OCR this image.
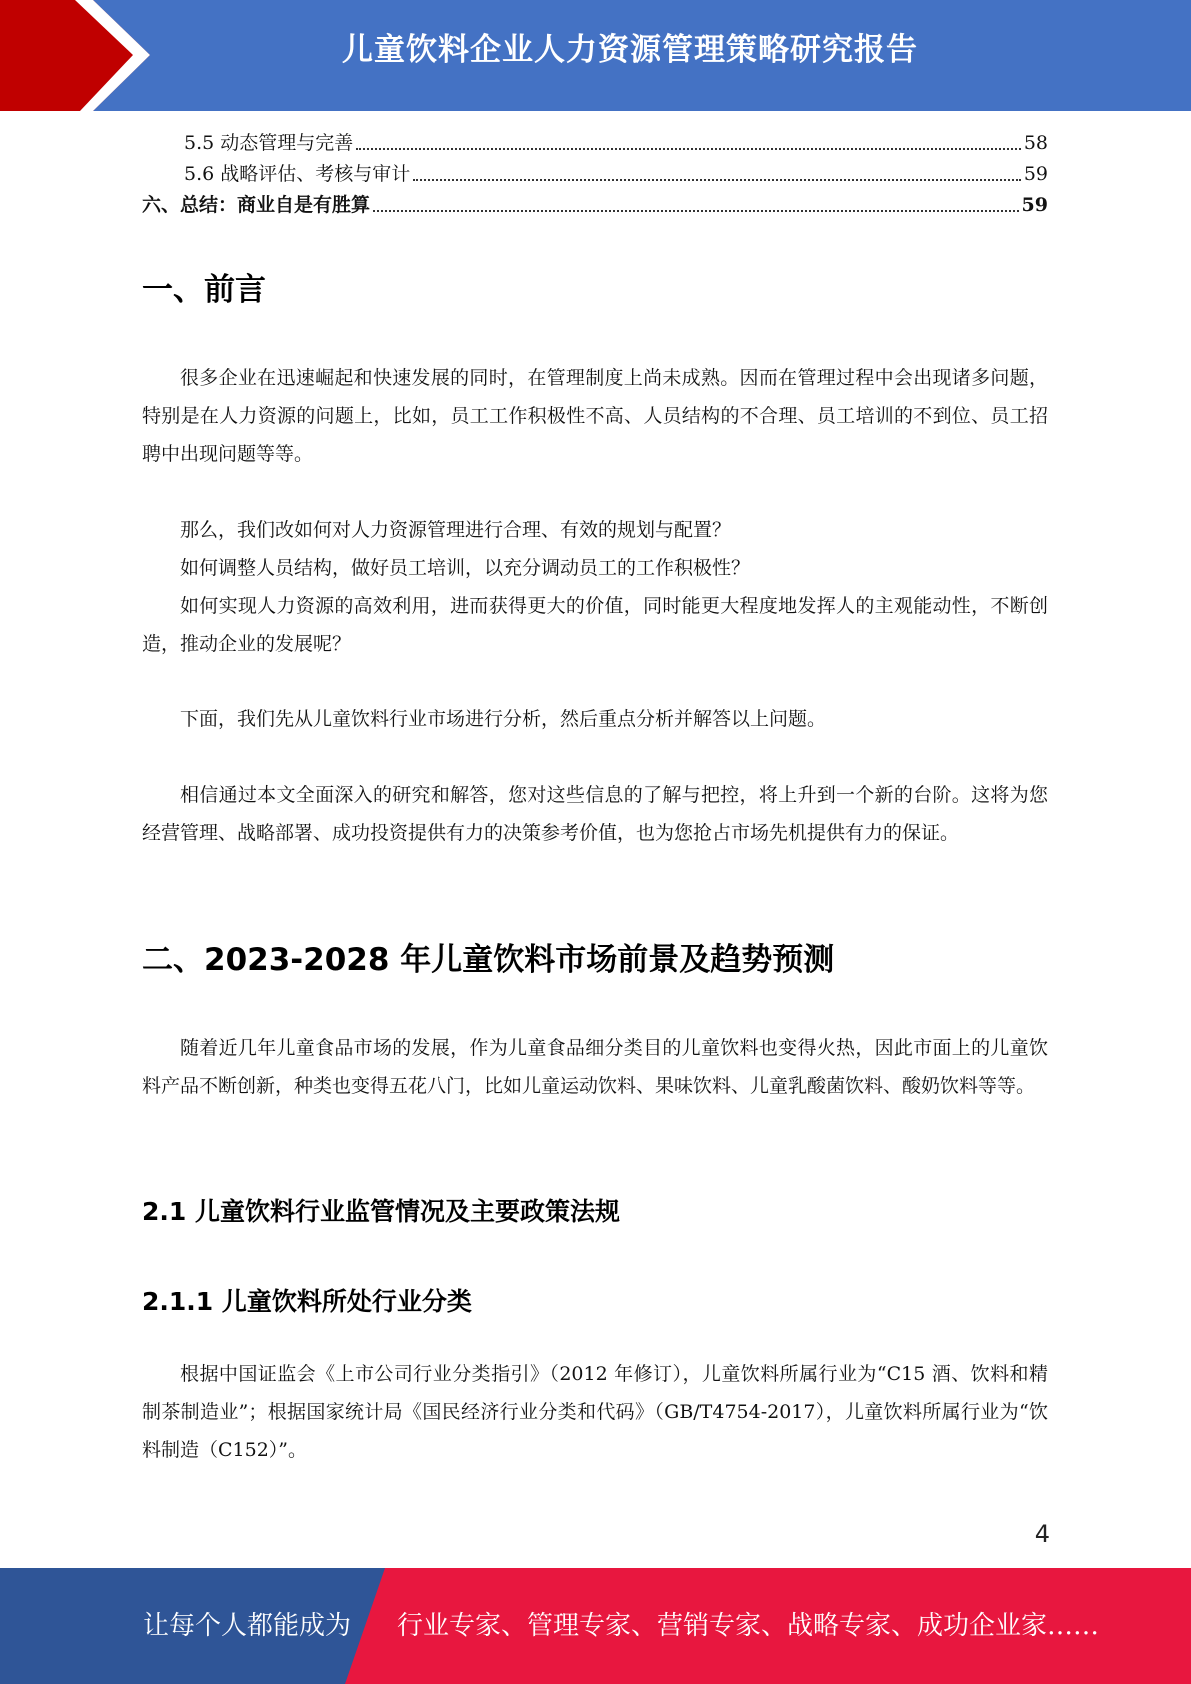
儿童饮料企业人力资源管理策略研究报告
5.5 动态管理与完善	58
5.6 战略评估、考核与审计	59
六、总结：商业自是有胜算	59
一、前言

很多企业在迅速崛起和快速发展的同时，在管理制度上尚未成熟。因而在管理过程中会出现诸多问题，特别是在人力资源的问题上，比如，员工工作积极性不高、人员结构的不合理、员工培训的不到位、员工招聘中出现问题等等。

那么，我们改如何对人力资源管理进行合理、有效的规划与配置？

如何调整人员结构，做好员工培训，以充分调动员工的工作积极性？

如何实现人力资源的高效利用，进而获得更大的价值，同时能更大程度地发挥人的主观能动性，不断创造，推动企业的发展呢？

下面，我们先从儿童饮料行业市场进行分析，然后重点分析并解答以上问题。

相信通过本文全面深入的研究和解答，您对这些信息的了解与把控，将上升到一个新的台阶。这将为您经营管理、战略部署、成功投资提供有力的决策参考价值，也为您抢占市场先机提供有力的保证。

二、2023-2028 年儿童饮料市场前景及趋势预测

随着近几年儿童食品市场的发展，作为儿童食品细分类目的儿童饮料也变得火热，因此市面上的儿童饮料产品不断创新，种类也变得五花八门，比如儿童运动饮料、果味饮料、儿童乳酸菌饮料、酸奶饮料等等。

2.1 儿童饮料行业监管情况及主要政策法规
2.1.1 儿童饮料所处行业分类

根据中国证监会《上市公司行业分类指引》（2012 年修订），儿童饮料所属行业为“C15 酒、饮料和精制茶制造业”；根据国家统计局《国民经济行业分类和代码》（GB/T4754-2017），儿童饮料所属行业为“饮料制造（C152）”。

4
让每个人都能成为 行业专家、管理专家、营销专家、战略专家、成功企业家……
